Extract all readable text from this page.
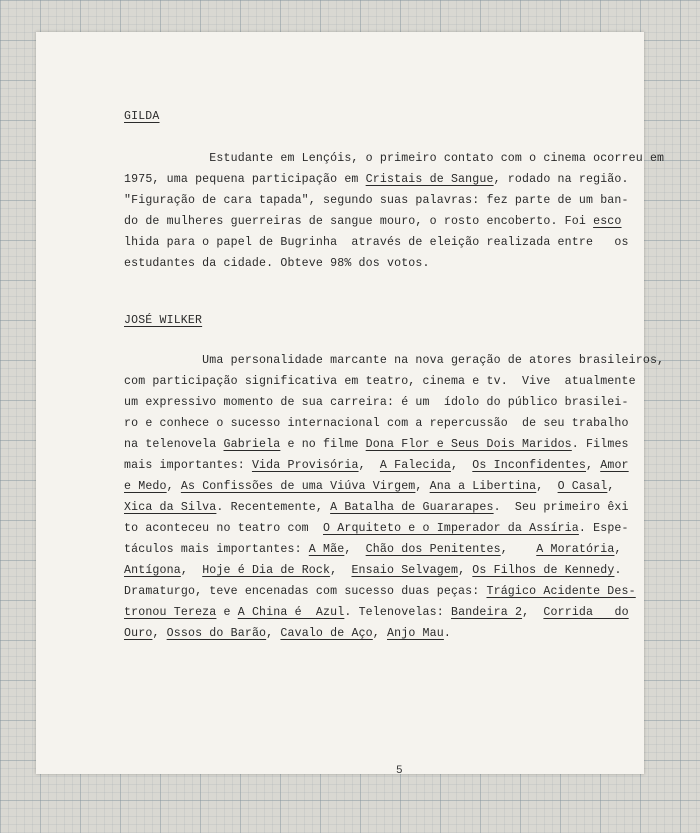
GILDA
Estudante em Lençóis, o primeiro contato com o cinema ocorreu em
1975, uma pequena participação em Cristais de Sangue, rodado na região.
"Figuração de cara tapada", segundo suas palavras: fez parte de um ban-
do de mulheres guerreiras de sangue mouro, o rosto encoberto. Foi esco
lhida para o papel de Bugrinha  através de eleição realizada entre   os
estudantes da cidade. Obteve 98% dos votos.
JOSÉ WILKER
Uma personalidade marcante na nova geração de atores brasileiros,
com participação significativa em teatro, cinema e tv.  Vive  atualmente
um expressivo momento de sua carreira: é um  ídolo do público brasilei-
ro e conhece o sucesso internacional com a repercussão  de seu trabalho
na telenovela Gabriela e no filme Dona Flor e Seus Dois Maridos. Filmes
mais importantes: Vida Provisória,  A Falecida,  Os Inconfidentes, Amor
e Medo, As Confissões de uma Viúva Virgem, Ana a Libertina,  O Casal,
Xica da Silva. Recentemente, A Batalha de Guararapes.  Seu primeiro êxi
to aconteceu no teatro com  O Arquiteto e o Imperador da Assíria. Espe-
táculos mais importantes: A Mãe,  Chão dos Penitentes,    A Moratória,
Antígona,  Hoje é Dia de Rock,  Ensaio Selvagem, Os Filhos de Kennedy.
Dramaturgo, teve encenadas com sucesso duas peças: Trágico Acidente Des-
tronou Tereza e A China é  Azul. Telenovelas: Bandeira 2,  Corrida   do
Ouro, Ossos do Barão, Cavalo de Aço, Anjo Mau.
5
